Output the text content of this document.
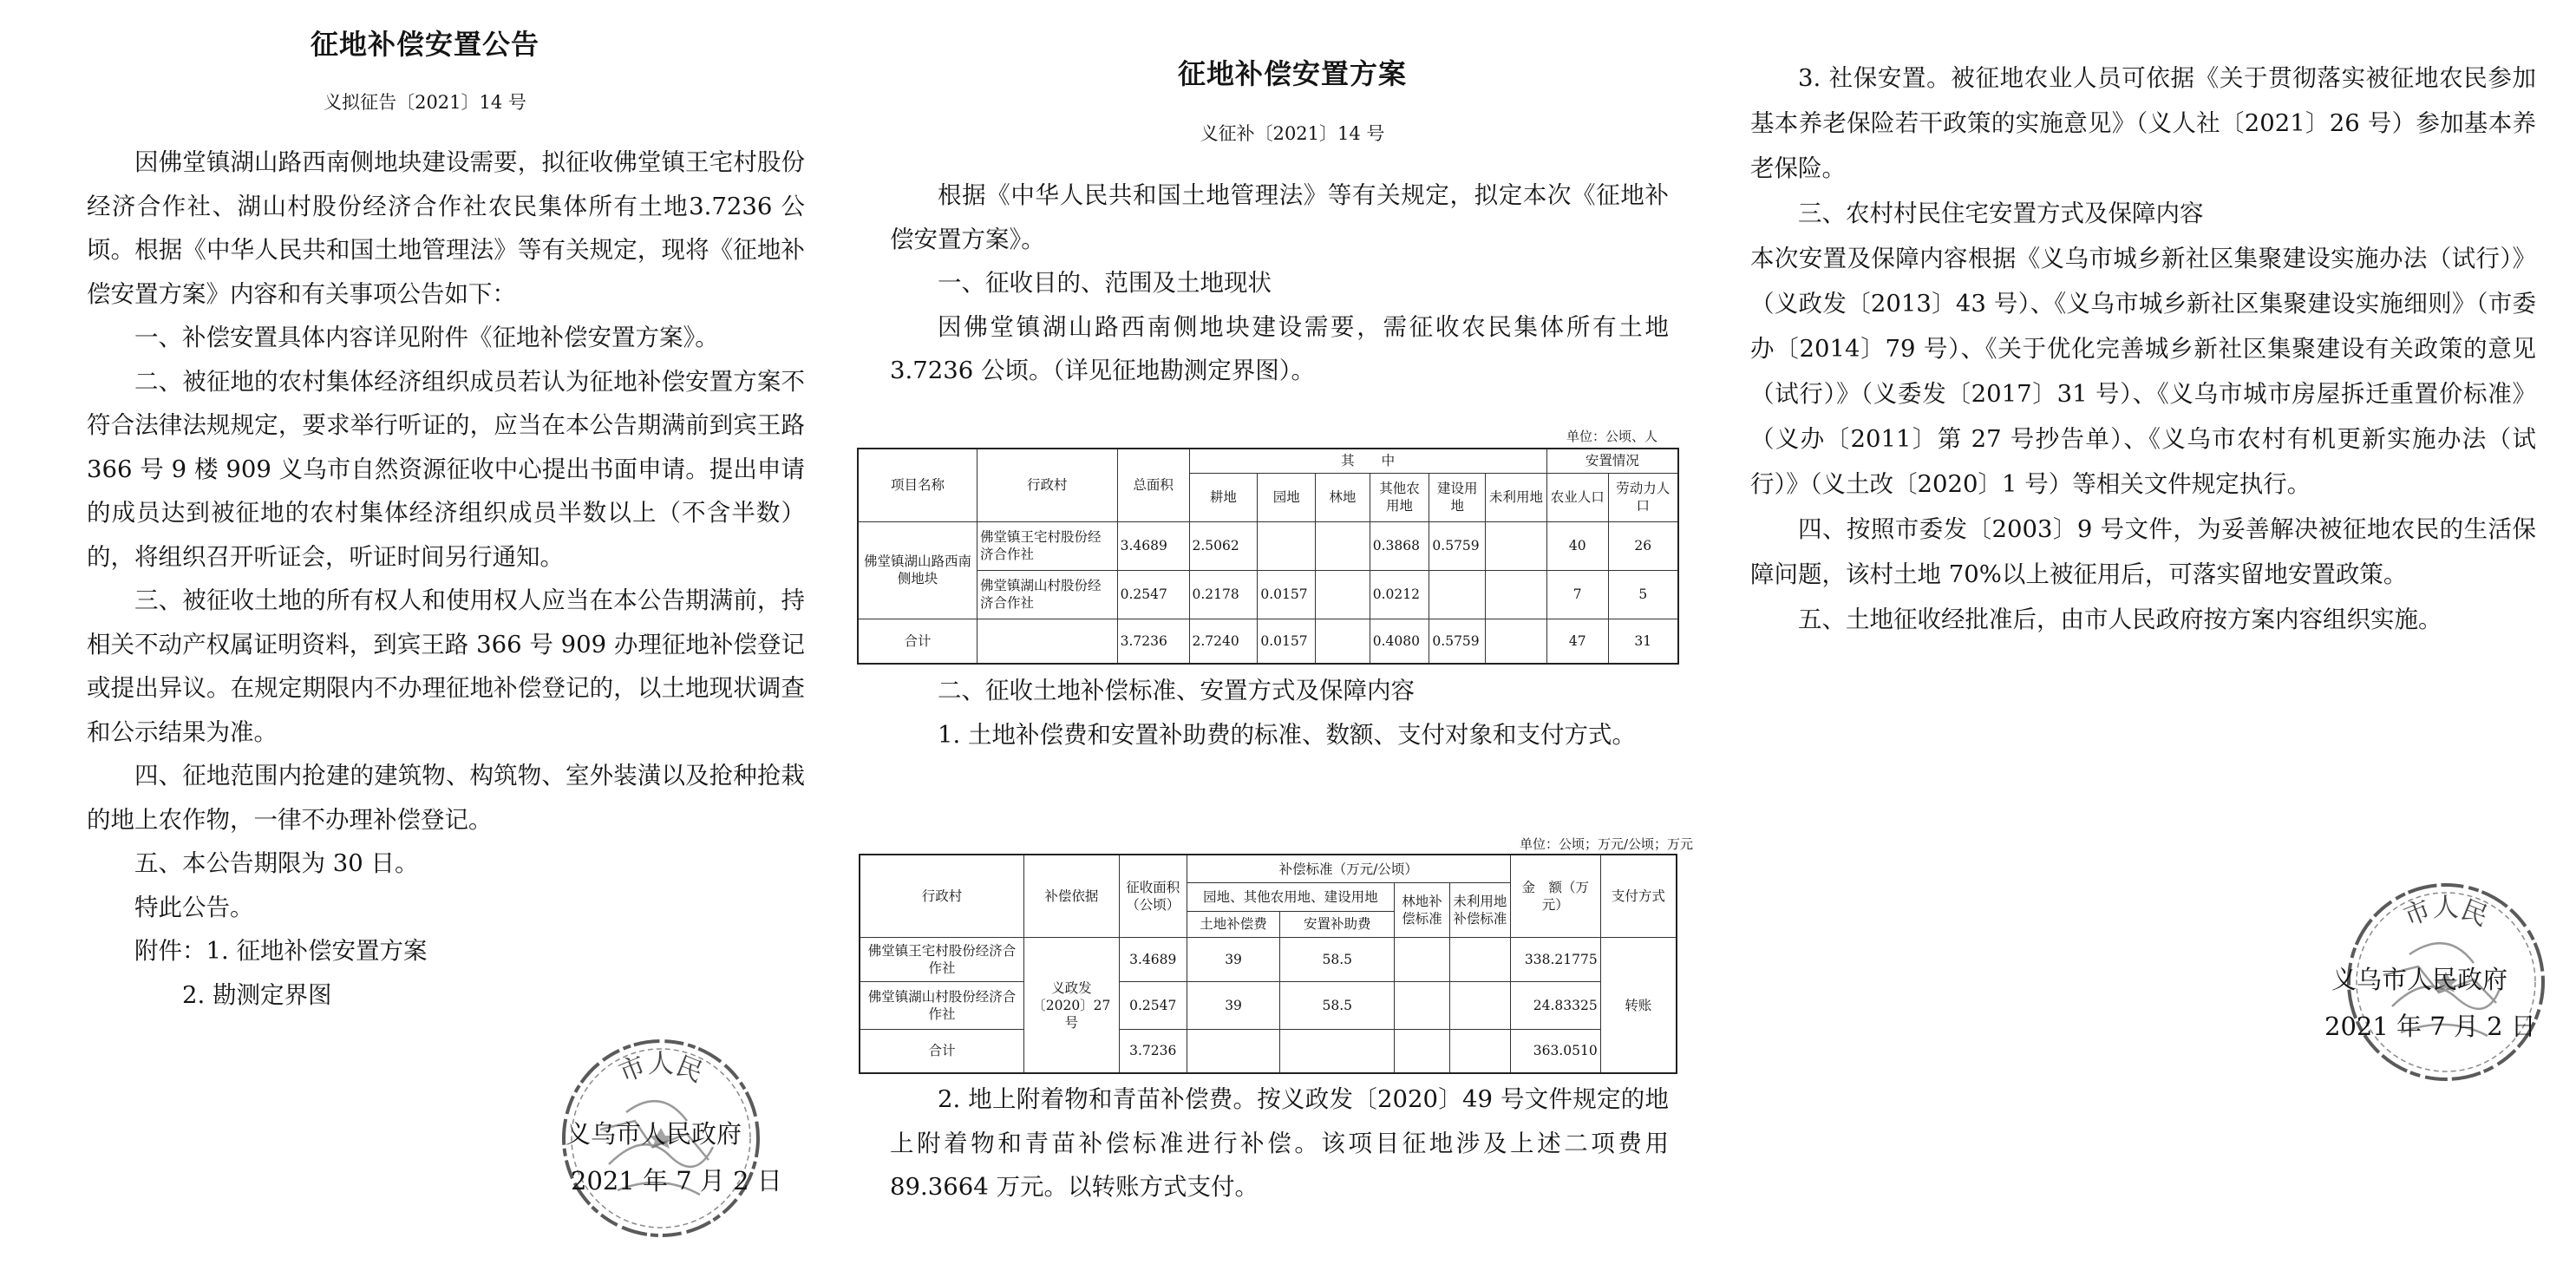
征地补偿安置公告
义拟征告〔2021〕14 号

因佛堂镇湖山路西南侧地块建设需要，拟征收佛堂镇王宅村股份经济合作社、湖山村股份经济合作社农民集体所有土地3.7236 公顷。根据《中华人民共和国土地管理法》等有关规定，现将《征地补偿安置方案》内容和有关事项公告如下：

一、补偿安置具体内容详见附件《征地补偿安置方案》。

二、被征地的农村集体经济组织成员若认为征地补偿安置方案不符合法律法规规定，要求举行听证的，应当在本公告期满前到宾王路 366 号 9 楼 909 义乌市自然资源征收中心提出书面申请。提出申请的成员达到被征地的农村集体经济组织成员半数以上（不含半数）的，将组织召开听证会，听证时间另行通知。

三、被征收土地的所有权人和使用权人应当在本公告期满前，持相关不动产权属证明资料，到宾王路 366 号 909 办理征地补偿登记或提出异议。在规定期限内不办理征地补偿登记的，以土地现状调查和公示结果为准。

四、征地范围内抢建的建筑物、构筑物、室外装潢以及抢种抢栽的地上农作物，一律不办理补偿登记。

五、本公告期限为 30 日。

特此公告。

附件：1. 征地补偿安置方案

2. 勘测定界图

市人民
义乌市人民政府
2021 年 7 月 2 日
征地补偿安置方案
义征补〔2021〕14 号

根据《中华人民共和国土地管理法》等有关规定，拟定本次《征地补偿安置方案》。

一、征收目的、范围及土地现状

因佛堂镇湖山路西南侧地块建设需要，需征收农民集体所有土地 3.7236 公顷。（详见征地勘测定界图）。

单位：公顷、人
项目名称	行政村	总面积	其　　中						安置情况	
			耕地	园地	林地	其他农用地	建设用地	未利用地	农业人口	劳动力人口
佛堂镇湖山路西南侧地块	佛堂镇王宅村股份经济合作社	3.4689	2.5062			0.3868	0.5759		40	26
	佛堂镇湖山村股份经济合作社	0.2547	0.2178	0.0157		0.0212			7	5
合计		3.7236	2.7240	0.0157		0.4080	0.5759		47	31

二、征收土地补偿标准、安置方式及保障内容

1. 土地补偿费和安置补助费的标准、数额、支付对象和支付方式。

单位：公顷；万元/公顷；万元
行政村	补偿依据	征收面积（公顷）	补偿标准（万元/公顷）				金　额（万元）	支付方式
			园地、其他农用地、建设用地		林地补偿标准	未利用地补偿标准		
			土地补偿费	安置补助费				
佛堂镇王宅村股份经济合作社	义政发〔2020〕27号	3.4689	39	58.5			338.21775	转账
佛堂镇湖山村股份经济合作社		0.2547	39	58.5			24.83325	
合计		3.7236					363.0510	

2. 地上附着物和青苗补偿费。按义政发〔2020〕49 号文件规定的地上附着物和青苗补偿标准进行补偿。该项目征地涉及上述二项费用 89.3664 万元。以转账方式支付。

3. 社保安置。被征地农业人员可依据《关于贯彻落实被征地农民参加基本养老保险若干政策的实施意见》（义人社〔2021〕26 号）参加基本养老保险。

三、农村村民住宅安置方式及保障内容

本次安置及保障内容根据《义乌市城乡新社区集聚建设实施办法（试行）》（义政发〔2013〕43 号）、《义乌市城乡新社区集聚建设实施细则》（市委办〔2014〕79 号）、《关于优化完善城乡新社区集聚建设有关政策的意见（试行）》（义委发〔2017〕31 号）、《义乌市城市房屋拆迁重置价标准》（义办〔2011〕第 27 号抄告单）、《义乌市农村有机更新实施办法（试行）》（义土改〔2020〕1 号）等相关文件规定执行。

四、按照市委发〔2003〕9 号文件，为妥善解决被征地农民的生活保障问题，该村土地 70%以上被征用后，可落实留地安置政策。

五、土地征收经批准后，由市人民政府按方案内容组织实施。

市人民
义乌市人民政府
2021 年 7 月 2 日
